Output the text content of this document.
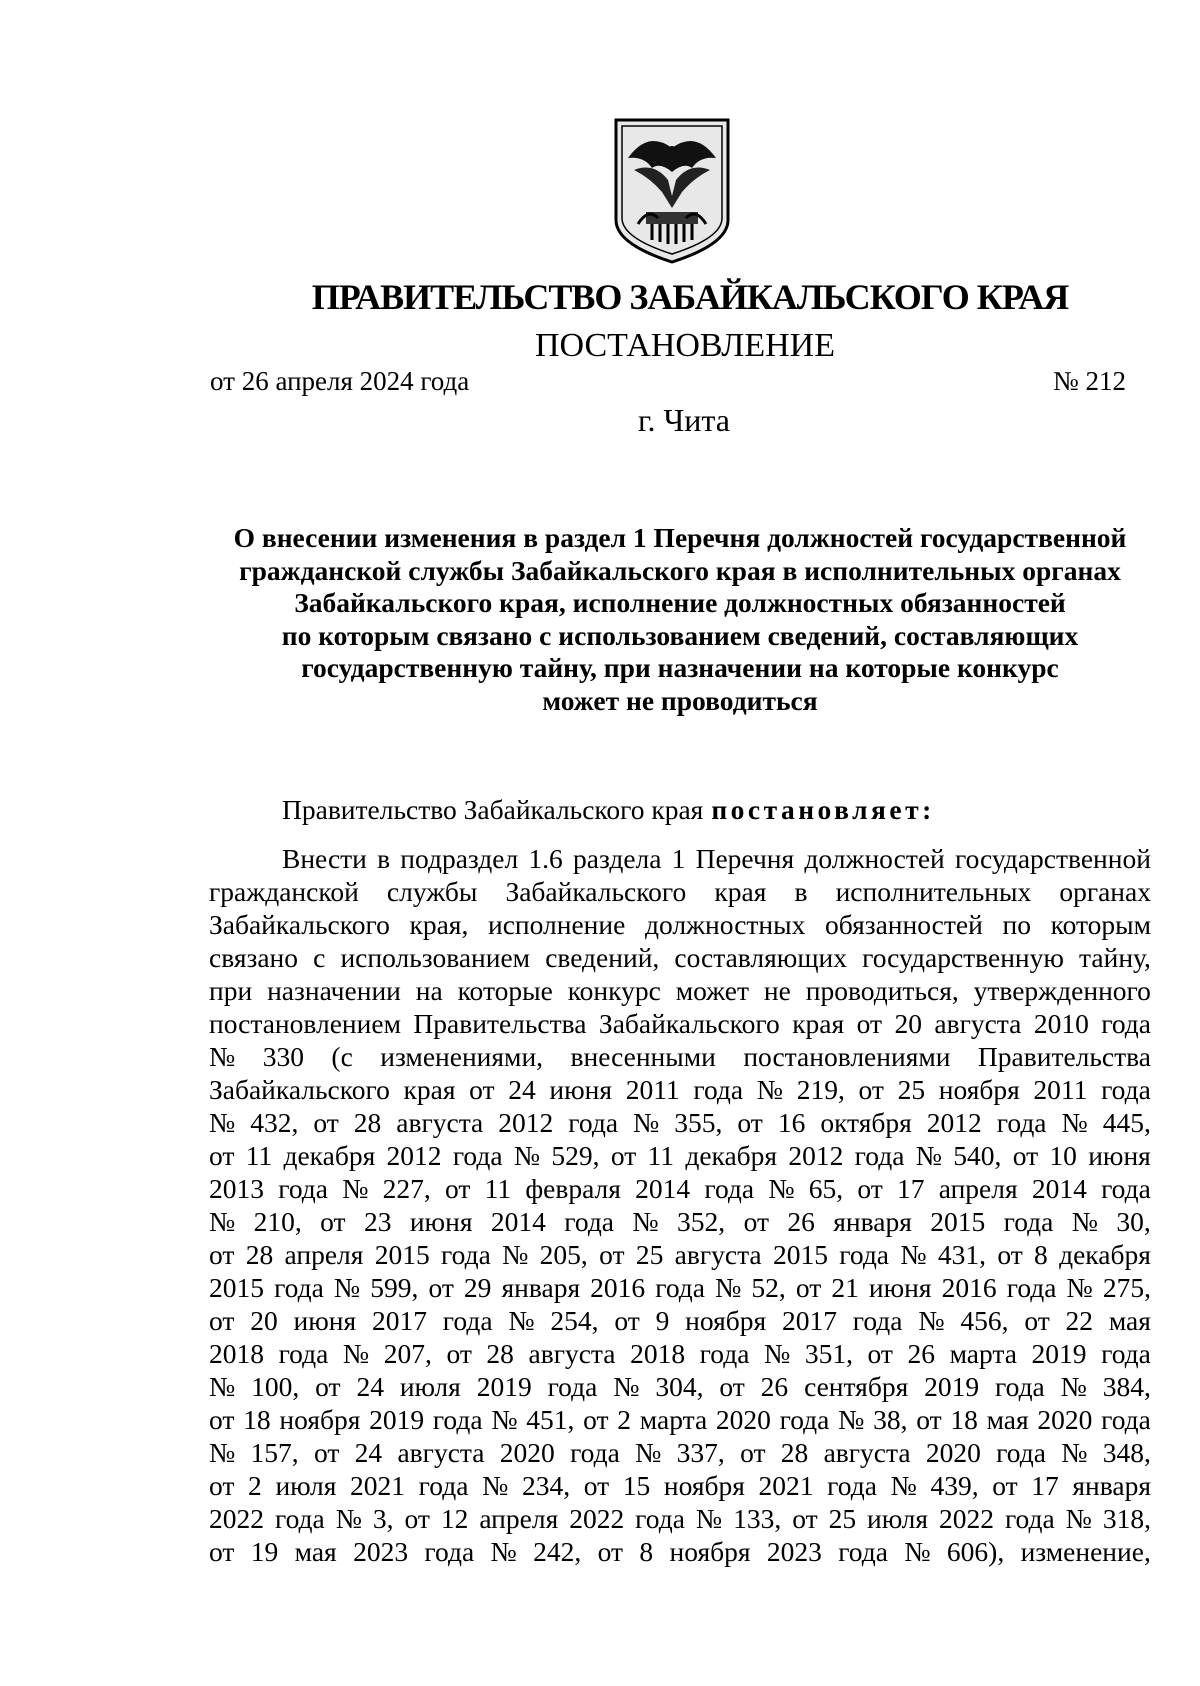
ПРАВИТЕЛЬСТВО ЗАБАЙКАЛЬСКОГО КРАЯ
ПОСТАНОВЛЕНИЕ
от 26 апреля 2024 года	№ 212
г. Чита
О внесении изменения в раздел 1 Перечня должностей государственной
гражданской службы Забайкальского края в исполнительных органах
Забайкальского края, исполнение должностных обязанностей
по которым связано с использованием сведений, составляющих
государственную тайну, при назначении на которые конкурс
может не проводиться
Правительство Забайкальского края постановляет:
Внести в подраздел 1.6 раздела 1 Перечня должностей государственной
гражданской службы Забайкальского края в исполнительных органах
Забайкальского края, исполнение должностных обязанностей по которым
связано с использованием сведений, составляющих государственную тайну,
при назначении на которые конкурс может не проводиться, утвержденного
постановлением Правительства Забайкальского края от 20 августа 2010 года
№ 330 (с изменениями, внесенными постановлениями Правительства
Забайкальского края от 24 июня 2011 года № 219, от 25 ноября 2011 года
№ 432, от 28 августа 2012 года № 355, от 16 октября 2012 года № 445,
от 11 декабря 2012 года № 529, от 11 декабря 2012 года № 540, от 10 июня
2013 года № 227, от 11 февраля 2014 года № 65, от 17 апреля 2014 года
№ 210, от 23 июня 2014 года № 352, от 26 января 2015 года № 30,
от 28 апреля 2015 года № 205, от 25 августа 2015 года № 431, от 8 декабря
2015 года № 599, от 29 января 2016 года № 52, от 21 июня 2016 года № 275,
от 20 июня 2017 года № 254, от 9 ноября 2017 года № 456, от 22 мая
2018 года № 207, от 28 августа 2018 года № 351, от 26 марта 2019 года
№ 100, от 24 июля 2019 года № 304, от 26 сентября 2019 года № 384,
от 18 ноября 2019 года № 451, от 2 марта 2020 года № 38, от 18 мая 2020 года
№ 157, от 24 августа 2020 года № 337, от 28 августа 2020 года № 348,
от 2 июля 2021 года № 234, от 15 ноября 2021 года № 439, от 17 января
2022 года № 3, от 12 апреля 2022 года № 133, от 25 июля 2022 года № 318,
от 19 мая 2023 года № 242, от 8 ноября 2023 года № 606), изменение,
